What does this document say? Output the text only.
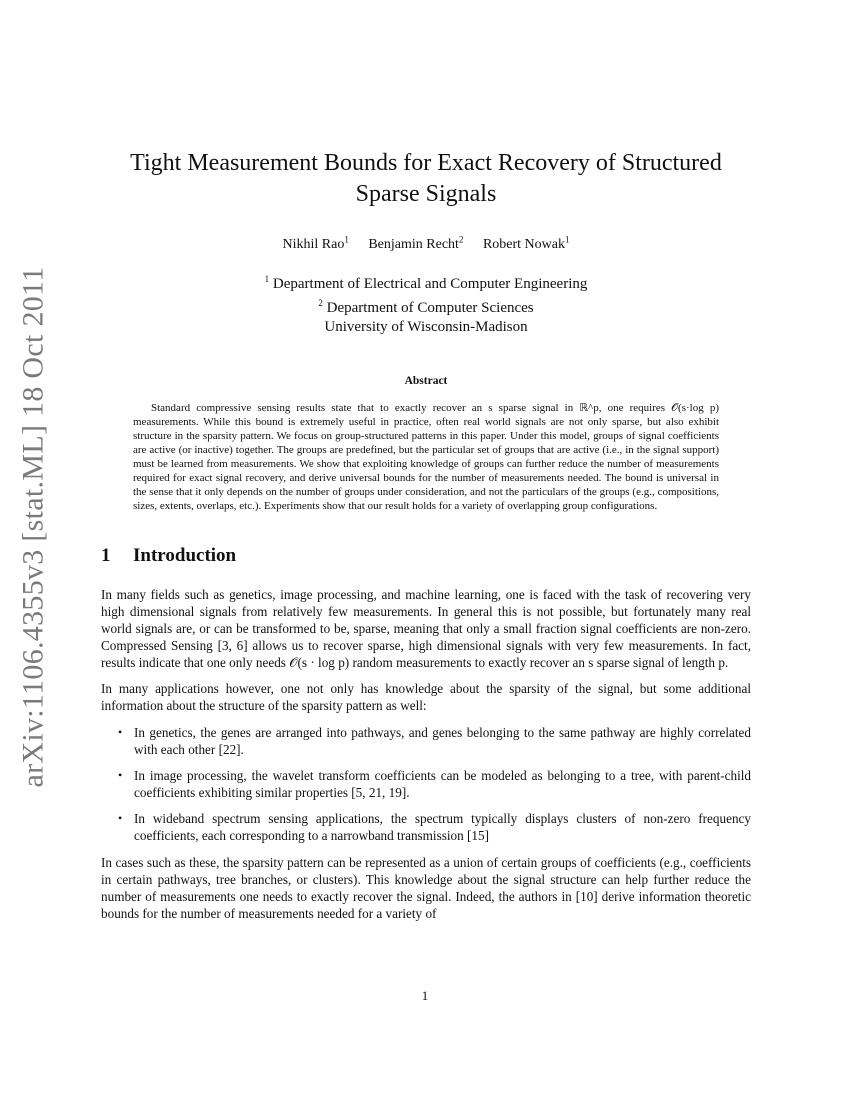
arXiv:1106.4355v3 [stat.ML] 18 Oct 2011
Tight Measurement Bounds for Exact Recovery of Structured Sparse Signals
Nikhil Rao$^1$ Benjamin Recht$^2$ Robert Nowak$^1$
$^1$ Department of Electrical and Computer Engineering
$^2$ Department of Computer Sciences
University of Wisconsin-Madison
Abstract

Standard compressive sensing results state that to exactly recover an s sparse signal in ℝ^p, one requires 𝒪(s·log p) measurements. While this bound is extremely useful in practice, often real world signals are not only sparse, but also exhibit structure in the sparsity pattern. We focus on group-structured patterns in this paper. Under this model, groups of signal coefficients are active (or inactive) together. The groups are predefined, but the particular set of groups that are active (i.e., in the signal support) must be learned from measurements. We show that exploiting knowledge of groups can further reduce the number of measurements required for exact signal recovery, and derive universal bounds for the number of measurements needed. The bound is universal in the sense that it only depends on the number of groups under consideration, and not the particulars of the groups (e.g., compositions, sizes, extents, overlaps, etc.). Experiments show that our result holds for a variety of overlapping group configurations.

1 Introduction

In many fields such as genetics, image processing, and machine learning, one is faced with the task of recovering very high dimensional signals from relatively few measurements. In general this is not possible, but fortunately many real world signals are, or can be transformed to be, sparse, meaning that only a small fraction signal coefficients are non-zero. Compressed Sensing [3, 6] allows us to recover sparse, high dimensional signals with very few measurements. In fact, results indicate that one only needs 𝒪(s · log p) random measurements to exactly recover an s sparse signal of length p.

In many applications however, one not only has knowledge about the sparsity of the signal, but some additional information about the structure of the sparsity pattern as well:

• In genetics, the genes are arranged into pathways, and genes belonging to the same pathway are highly correlated with each other [22].
• In image processing, the wavelet transform coefficients can be modeled as belonging to a tree, with parent-child coefficients exhibiting similar properties [5, 21, 19].
• In wideband spectrum sensing applications, the spectrum typically displays clusters of non-zero frequency coefficients, each corresponding to a narrowband transmission [15]

In cases such as these, the sparsity pattern can be represented as a union of certain groups of coefficients (e.g., coefficients in certain pathways, tree branches, or clusters). This knowledge about the signal structure can help further reduce the number of measurements one needs to exactly recover the signal. Indeed, the authors in [10] derive information theoretic bounds for the number of measurements needed for a variety of

1
